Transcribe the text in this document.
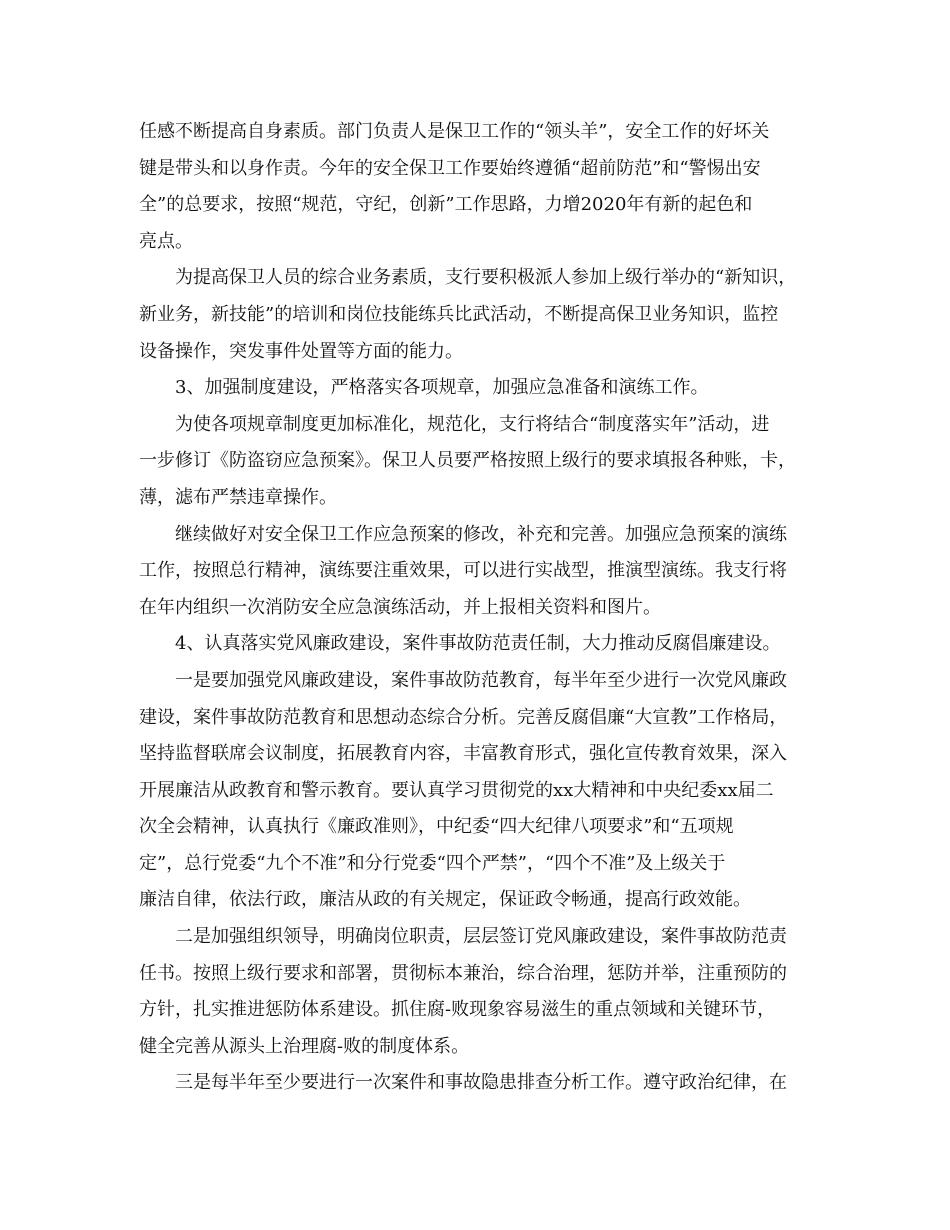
任感不断提高自身素质。部门负责人是保卫工作的“领头羊”，安全工作的好坏关
键是带头和以身作责。今年的安全保卫工作要始终遵循“超前防范”和“警惕出安
全”的总要求，按照“规范，守纪，创新”工作思路，力增2020年有新的起色和
亮点。
为提高保卫人员的综合业务素质，支行要积极派人参加上级行举办的“新知识，
新业务，新技能”的培训和岗位技能练兵比武活动，不断提高保卫业务知识，监控
设备操作，突发事件处置等方面的能力。
3、加强制度建设，严格落实各项规章，加强应急准备和演练工作。
为使各项规章制度更加标准化，规范化，支行将结合“制度落实年”活动，进
一步修订《防盗窃应急预案》。保卫人员要严格按照上级行的要求填报各种账，卡，
薄，滤布严禁违章操作。
继续做好对安全保卫工作应急预案的修改，补充和完善。加强应急预案的演练
工作，按照总行精神，演练要注重效果，可以进行实战型，推演型演练。我支行将
在年内组织一次消防安全应急演练活动，并上报相关资料和图片。
4、认真落实党风廉政建设，案件事故防范责任制，大力推动反腐倡廉建设。
一是要加强党风廉政建设，案件事故防范教育，每半年至少进行一次党风廉政
建设，案件事故防范教育和思想动态综合分析。完善反腐倡廉“大宣教”工作格局，
坚持监督联席会议制度，拓展教育内容，丰富教育形式，强化宣传教育效果，深入
开展廉洁从政教育和警示教育。要认真学习贯彻党的xx大精神和中央纪委xx届二
次全会精神，认真执行《廉政准则》，中纪委“四大纪律八项要求”和“五项规
定”，总行党委“九个不准”和分行党委“四个严禁”，“四个不准”及上级关于
廉洁自律，依法行政，廉洁从政的有关规定，保证政令畅通，提高行政效能。
二是加强组织领导，明确岗位职责，层层签订党风廉政建设，案件事故防范责
任书。按照上级行要求和部署，贯彻标本兼治，综合治理，惩防并举，注重预防的
方针，扎实推进惩防体系建设。抓住腐-败现象容易滋生的重点领域和关键环节，
健全完善从源头上治理腐-败的制度体系。
三是每半年至少要进行一次案件和事故隐患排查分析工作。遵守政治纪律，在
